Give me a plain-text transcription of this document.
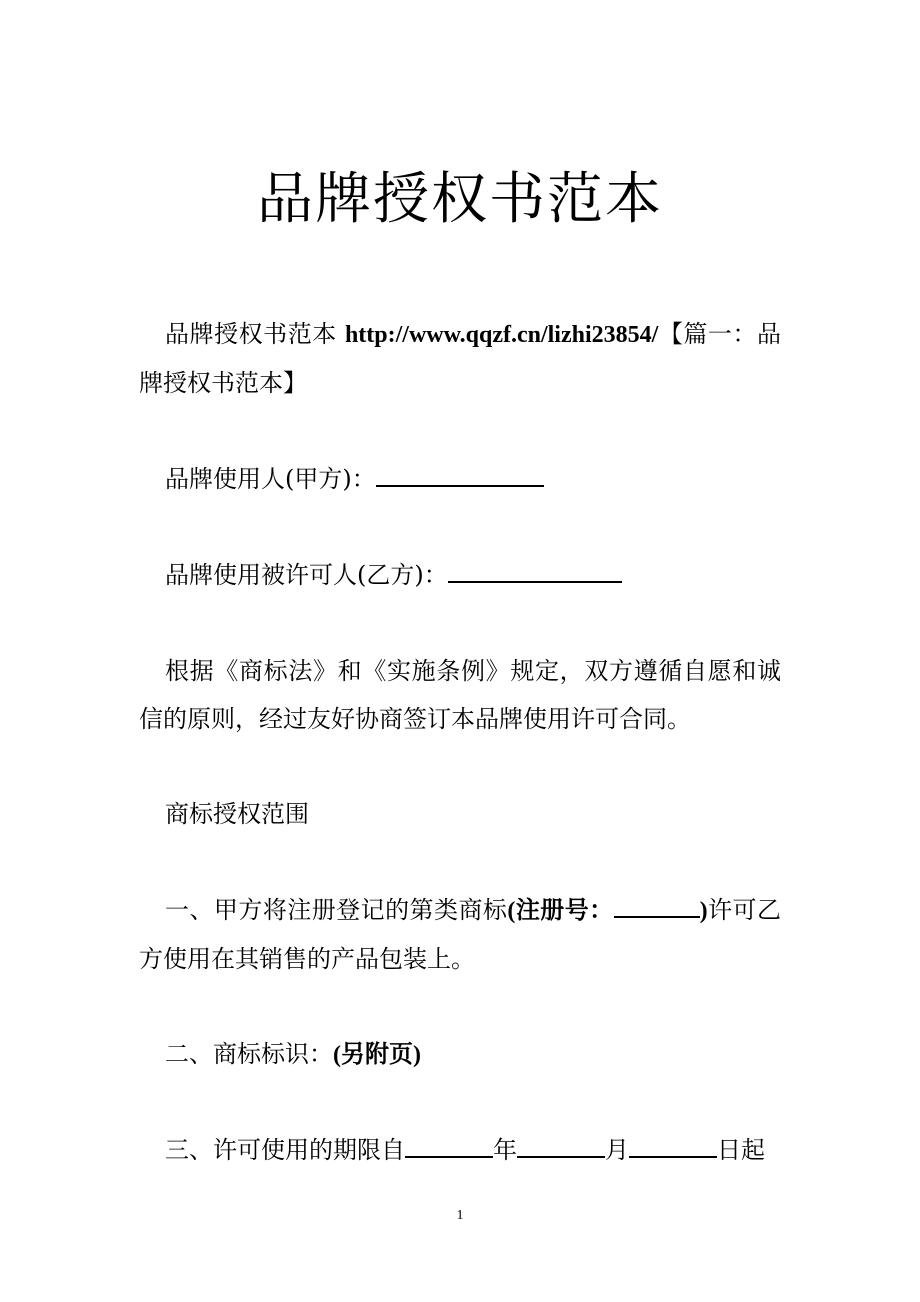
品牌授权书范本

品牌授权书范本 http://www.qqzf.cn/lizhi23854/【篇一：品牌授权书范本】

品牌使用人(甲方)：

品牌使用被许可人(乙方)：

根据《商标法》和《实施条例》规定，双方遵循自愿和诚信的原则，经过友好协商签订本品牌使用许可合同。

商标授权范围

一、甲方将注册登记的第类商标(注册号：	)许可乙方使用在其销售的产品包装上。

二、商标标识：(另附页)

三、许可使用的期限自	年	月	日起

1
